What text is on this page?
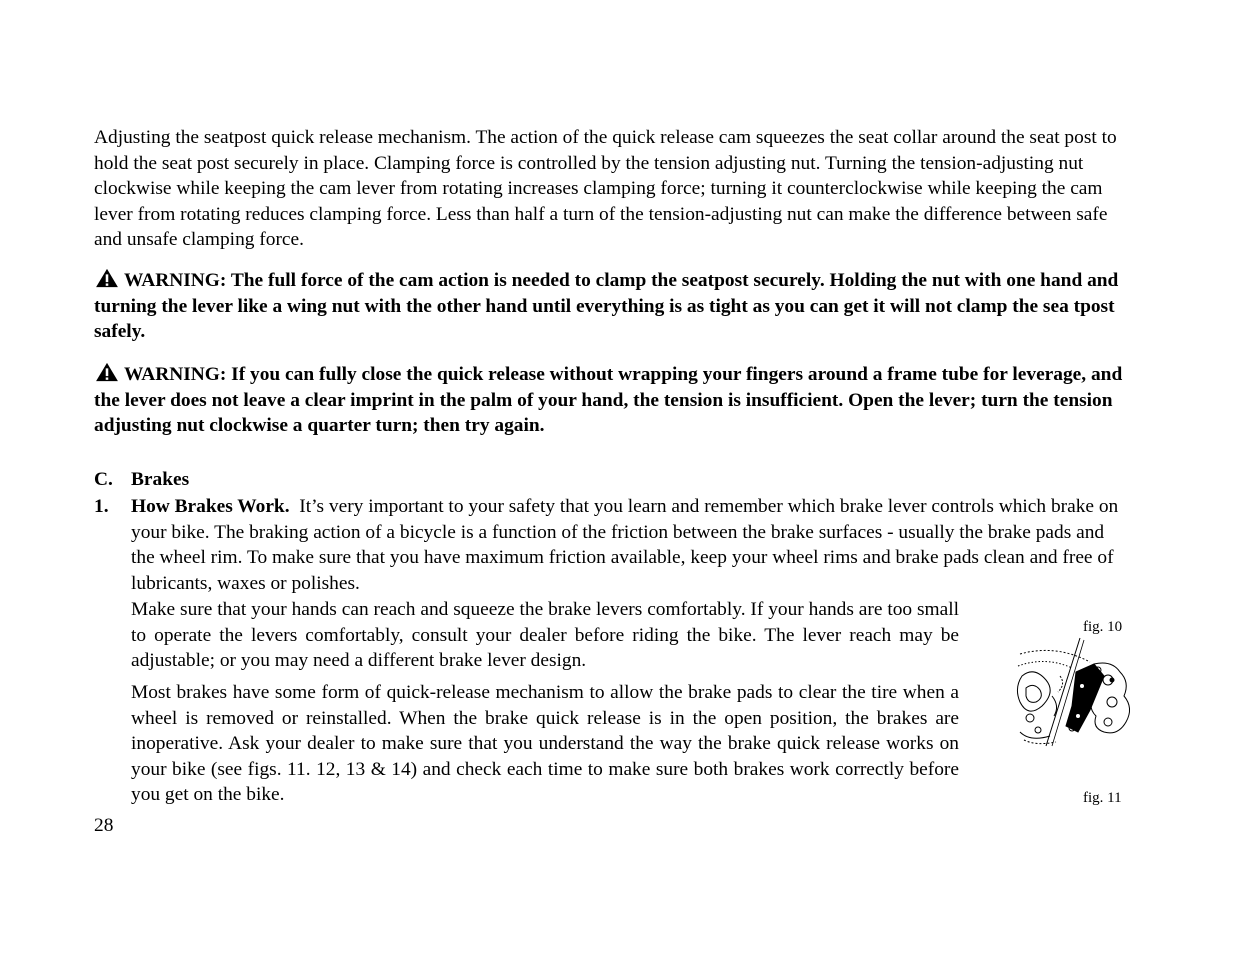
Adjusting the seatpost quick release mechanism. The action of the quick release cam squeezes the seat collar around the seat post to hold the seat post securely in place. Clamping force is controlled by the tension adjusting nut. Turning the tension-adjusting nut clockwise while keeping the cam lever from rotating increases clamping force; turning it counterclockwise while keeping the cam lever from rotating reduces clamping force. Less than half a turn of the tension-adjusting nut can make the difference between safe and unsafe clamping force.

WARNING: The full force of the cam action is needed to clamp the seatpost securely. Holding the nut with one hand and turning the lever like a wing nut with the other hand until everything is as tight as you can get it will not clamp the sea tpost safely.

WARNING: If you can fully close the quick release without wrapping your fingers around a frame tube for leverage, and the lever does not leave a clear imprint in the palm of your hand, the tension is insufficient. Open the lever; turn the tension adjusting nut clockwise a quarter turn; then try again.

C. Brakes
1. How Brakes Work. It’s very important to your safety that you learn and remember which brake lever controls which brake on your bike. The braking action of a bicycle is a function of the friction between the brake surfaces - usually the brake pads and the wheel rim. To make sure that you have maximum friction available, keep your wheel rims and brake pads clean and free of lubricants, waxes or polishes.

Make sure that your hands can reach and squeeze the brake levers comfortably. If your hands are too small to operate the levers comfortably, consult your dealer before riding the bike. The lever reach may be adjustable; or you may need a different brake lever design.

Most brakes have some form of quick-release mechanism to allow the brake pads to clear the tire when a wheel is removed or reinstalled. When the brake quick release is in the open position, the brakes are inoperative. Ask your dealer to make sure that you understand the way the brake quick release works on your bike (see figs. 11. 12, 13 & 14) and check each time to make sure both brakes work correctly before you get on the bike.

fig. 10
fig. 11
28
